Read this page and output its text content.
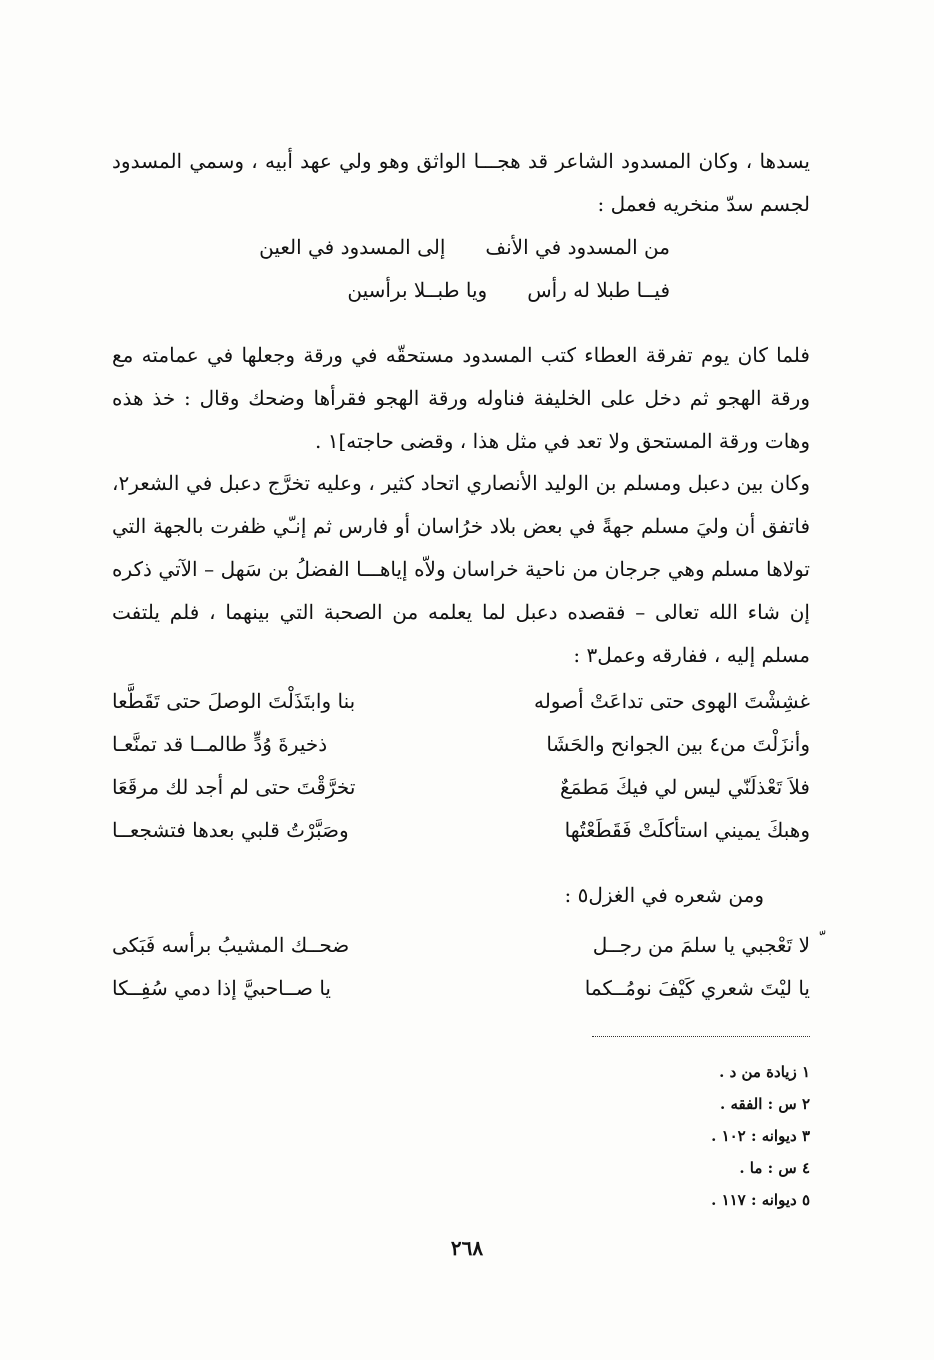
يسدها ، وكان المسدود الشاعر قد هجـــا الواثق وهو ولي عهد أبيه ، وسمي المسدود لجسم سدّ منخريه فعمل :

من المسدود في الأنف
إلى المسدود في العين
فيــا طبلا له رأس
ويا طبــلا برأسين

فلما كان يوم تفرقة العطاء كتب المسدود مستحقّه في ورقة وجعلها في عمامته مع ورقة الهجو ثم دخل على الخليفة فناوله ورقة الهجو فقرأها وضحك وقال : خذ هذه وهات ورقة المستحق ولا تعد في مثل هذا ، وقضى حاجته]١ .

وكان بين دعبل ومسلم بن الوليد الأنصاري اتحاد كثير ، وعليه تخرَّج دعبل في الشعر٢، فاتفق أن وليَ مسلم جهةً في بعض بلاد خرُاسان أو فارس ثم إنـّي ظفرت بالجهة التي تولاها مسلم وهي جرجان من ناحية خراسان ولاّه إياهـــا الفضلُ بن سَهل – الآتي ذكره إن شاء الله تعالى – فقصده دعبل لما يعلمه من الصحبة التي بينهما ، فلم يلتفت مسلم إليه ، ففارقه وعمل٣ :

غشِشْتَ الهوى حتى تداعَتْ أصوله
بنا وابتَذَلْتَ الوصلَ حتى تَقَطَّعا
وأنزَلْتَ من٤ بين الجوانح والحَشَا
ذخيرةَ وُدٍّ طالمــا قد تمنَّعـا
فلاَ تَعْذلَنّي ليس لي فيكَ مَطمَعٌ
تخرَّقْتَ حتى لم أجد لك مرقَعَا
وهبكَ يميني استأكلَتْ فَقَطَعْتُها
وصَبَّرْتُ قلبي بعدها فتشجعــا

ومن شعره في الغزل٥ :

لا تَعْجبي يا سلمَ من رجــل
ضحــك المشيبُ برأسه فَبَكى
يا ليْتَ شعري كَيْفَ نومُــكما
يا صــاحبيَّ إذا دمي سُفِــكا
١ زيادة من د .
٢ س : الفقه .
٣ ديوانه : ١٠٢ .
٤ س : ما .
٥ ديوانه : ١١٧ .
٢٦٨
